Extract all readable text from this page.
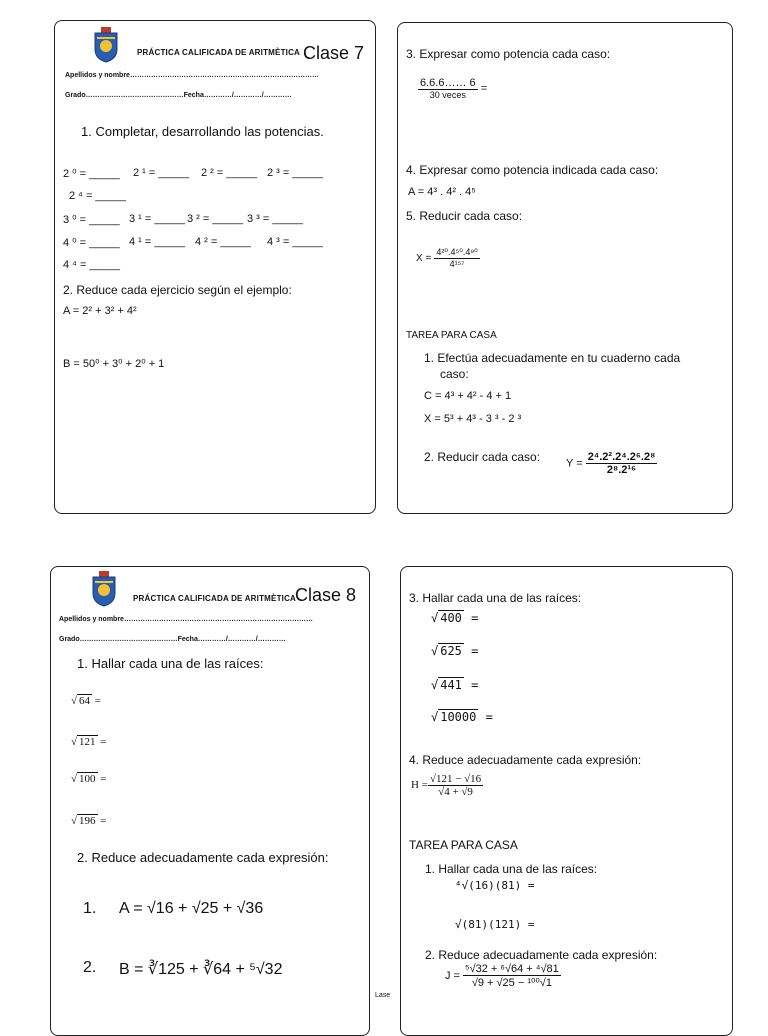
PRÁCTICA CALIFICADA DE ARITMÈTICA Clase 7
Apellidos y nombre………………………………………………………………………
Grado……………………………………Fecha…………/…………/…………
1. Completar, desarrollando las potencias.
2 ⁰ = _____ 2 ¹ = _____ 2 ² = _____ 2 ³ = _____
2 ⁴ = _____
3 ⁰ = _____ 3 ¹ = _____ 3 ² = _____ 3 ³ = _____
4 ⁰ = _____ 4 ¹ = _____ 4 ² = _____ 4 ³ = _____
4 ⁴ = _____
2. Reduce cada ejercicio según el ejemplo:
A = 2² + 3² + 4²
B = 50⁰ + 3⁰ + 2⁰ + 1
3. Expresar como potencia cada caso:
$\frac{6.6.6\dots\dots 6}{\text{30 veces}}$ =
4. Expresar como potencia indicada cada caso:
A = 4³ . 4² . 4⁵
5. Reducir cada caso:
$X = \frac{\text{4²⁰.4⁵⁰.4⁹⁰}}{\text{4¹⁵⁷}}$
TAREA PARA CASA
1. Efectúa adecuadamente en tu cuaderno cada
caso:
C = 4³ + 4² - 4 + 1
X = 5³ + 4³ - 3 ³ - 2 ³
2. Reducir cada caso: $Y = \frac{\text{2⁴.2².2⁴.2⁶.2⁸}}{\text{2⁸.2¹⁶}}$
PRÁCTICA CALIFICADA DE ARITMÈTICA
Clase 8
Apellidos y nombre………………………………………………………………………
Grado……………………………………Fecha…………/…………/…………
1. Hallar cada una de las raíces:
√ 64 =
√ 121 =
√ 100 =
√ 196 =
2. Reduce adecuadamente cada expresión:
1. A = √16 + √25 + √36
2. B = ∛125 + ∛64 + ⁵√32
Lase
3. Hallar cada una de las raíces:
√ 400 =
√ 625 =
√ 441 =
√ 10000 =
4. Reduce adecuadamente cada expresión:
$H = \frac{√121 - √16}{√4 + √9}$
TAREA PARA CASA
1. Hallar cada una de las raíces:
⁴√(16)(81) =
√(81)(121) =
2. Reduce adecuadamente cada expresión:
$J = \frac{\text{⁵√32 + ⁶√64 + ⁴√81}}{\text{√9 + √25 − ¹⁰⁰√1}}$
